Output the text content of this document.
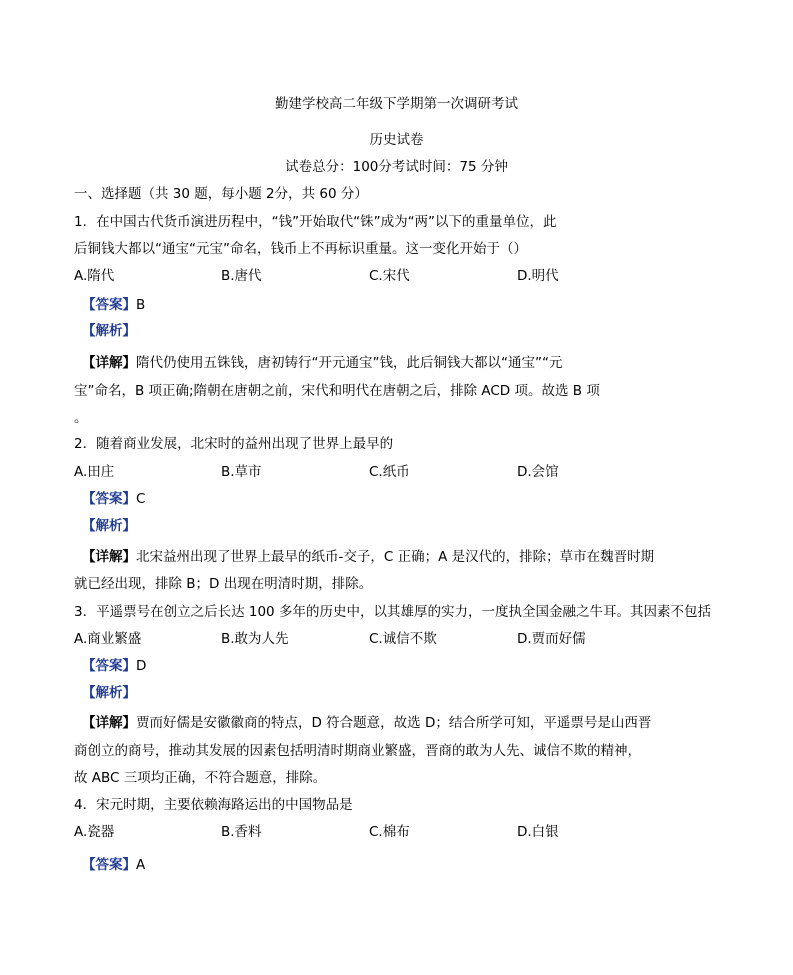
勤建学校高二年级下学期第一次调研考试
历史试卷
试卷总分：100分考试时间：75 分钟
一、选择题（共 30 题，每小题 2分，共 60 分）
1．在中国古代货币演进历程中，“钱”开始取代“铢”成为“两”以下的重量单位，此
后铜钱大都以“通宝“元宝”命名，钱币上不再标识重量。这一变化开始于（）
A.隋代	B.唐代	C.宋代	D.明代
【答案】B
【解析】
【详解】隋代仍使用五铢钱，唐初铸行“开元通宝”钱，此后铜钱大都以“通宝”“元
宝”命名，B 项正确;隋朝在唐朝之前，宋代和明代在唐朝之后，排除 ACD 项。故选 B 项
。
2．随着商业发展，北宋时的益州出现了世界上最早的
A.田庄	B.草市	C.纸币	D.会馆
【答案】C
【解析】
【详解】北宋益州出现了世界上最早的纸币-交子，C 正确；A 是汉代的，排除；草市在魏晋时期
就已经出现，排除 B；D 出现在明清时期，排除。
3．平遥票号在创立之后长达 100 多年的历史中，以其雄厚的实力，一度执全国金融之牛耳。其因素不包括
A.商业繁盛	B.敢为人先	C.诚信不欺	D.贾而好儒
【答案】D
【解析】
【详解】贾而好儒是安徽徽商的特点，D 符合题意，故选 D；结合所学可知，平遥票号是山西晋
商创立的商号，推动其发展的因素包括明清时期商业繁盛，晋商的敢为人先、诚信不欺的精神，
故 ABC 三项均正确，不符合题意，排除。
4．宋元时期，主要依赖海路运出的中国物品是
A.瓷器	B.香料	C.棉布	D.白银
【答案】A
